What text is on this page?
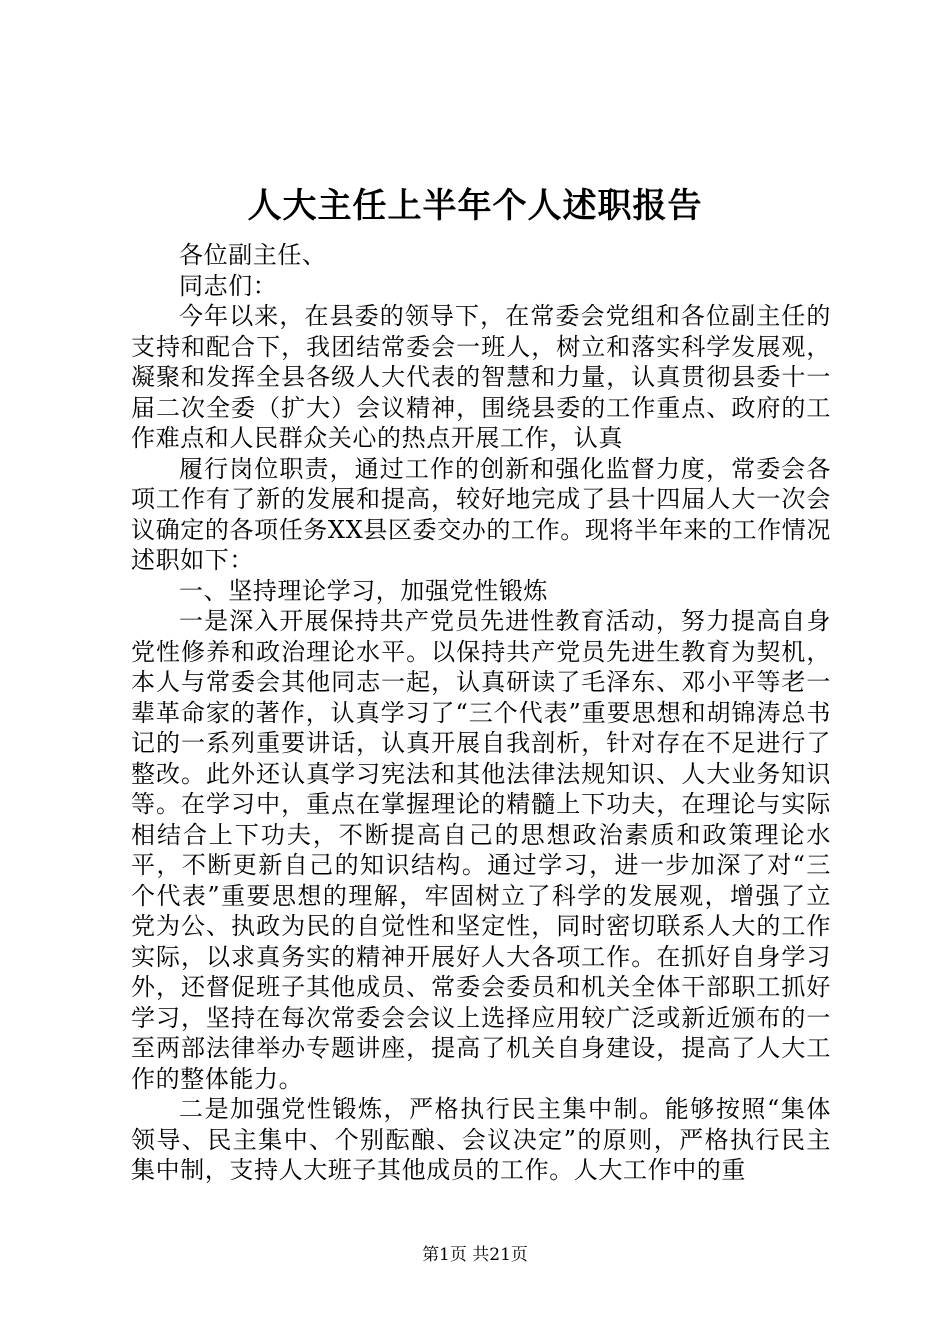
人大主任上半年个人述职报告

各位副主任、

同志们：

今年以来，在县委的领导下，在常委会党组和各位副主任的支持和配合下，我团结常委会一班人，树立和落实科学发展观，凝聚和发挥全县各级人大代表的智慧和力量，认真贯彻县委十一届二次全委（扩大）会议精神，围绕县委的工作重点、政府的工作难点和人民群众关心的热点开展工作，认真

履行岗位职责，通过工作的创新和强化监督力度，常委会各项工作有了新的发展和提高，较好地完成了县十四届人大一次会议确定的各项任务XX县区委交办的工作。现将半年来的工作情况述职如下：

一、坚持理论学习，加强党性锻炼

一是深入开展保持共产党员先进性教育活动，努力提高自身党性修养和政治理论水平。以保持共产党员先进生教育为契机，本人与常委会其他同志一起，认真研读了毛泽东、邓小平等老一辈革命家的著作，认真学习了“三个代表”重要思想和胡锦涛总书记的一系列重要讲话，认真开展自我剖析，针对存在不足进行了整改。此外还认真学习宪法和其他法律法规知识、人大业务知识等。在学习中，重点在掌握理论的精髓上下功夫，在理论与实际相结合上下功夫，不断提高自己的思想政治素质和政策理论水平，不断更新自己的知识结构。通过学习，进一步加深了对“三个代表”重要思想的理解，牢固树立了科学的发展观，增强了立党为公、执政为民的自觉性和坚定性，同时密切联系人大的工作实际，以求真务实的精神开展好人大各项工作。在抓好自身学习外，还督促班子其他成员、常委会委员和机关全体干部职工抓好学习，坚持在每次常委会会议上选择应用较广泛或新近颁布的一至两部法律举办专题讲座，提高了机关自身建设，提高了人大工作的整体能力。

二是加强党性锻炼，严格执行民主集中制。能够按照“集体领导、民主集中、个别酝酿、会议决定”的原则，严格执行民主集中制，支持人大班子其他成员的工作。人大工作中的重

第1页 共21页
